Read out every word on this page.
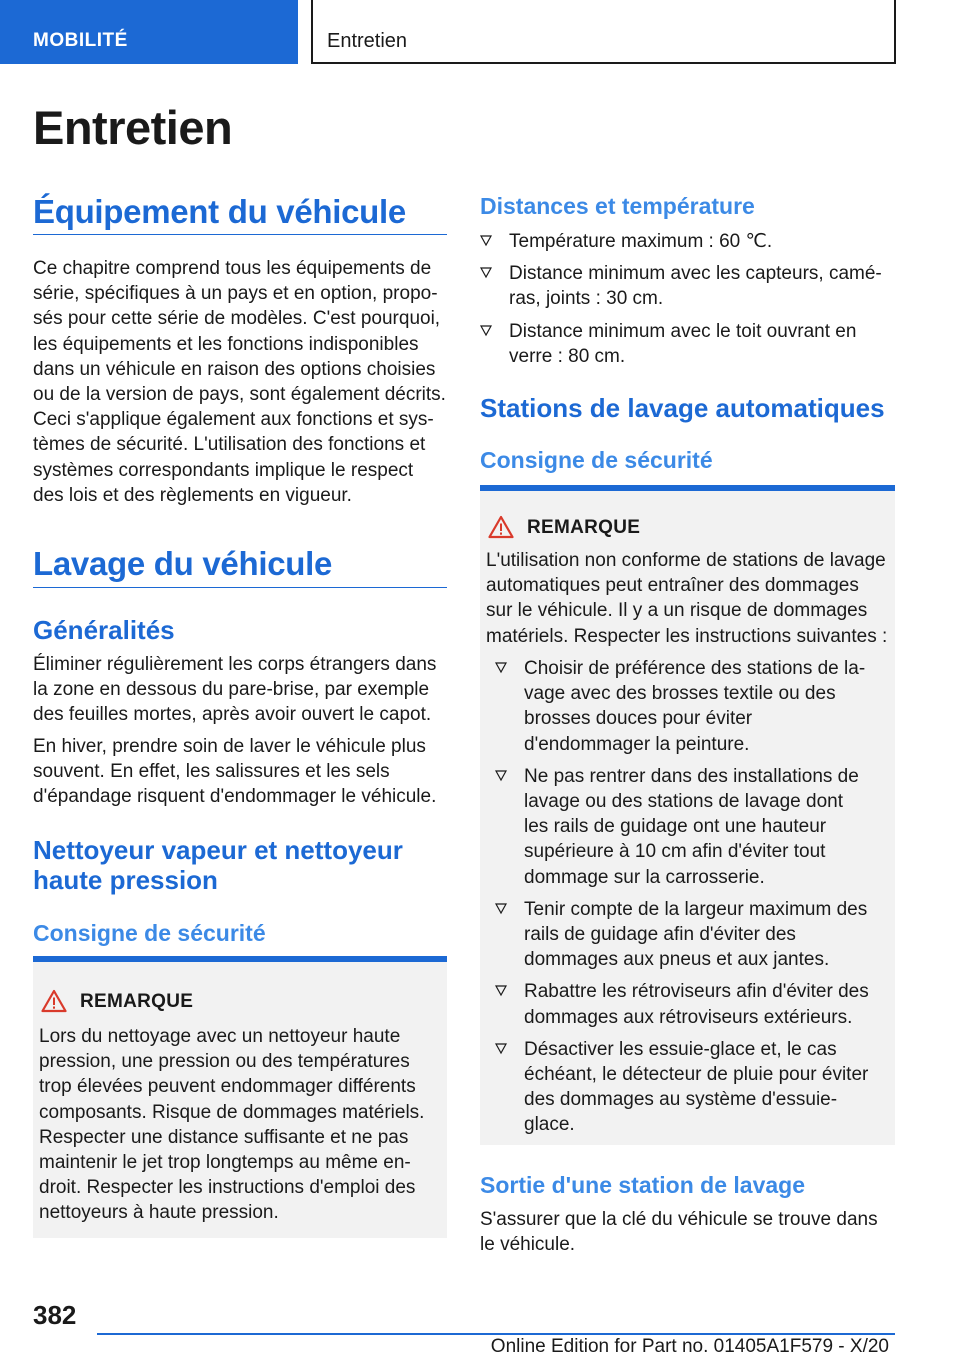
MOBILITÉ	Entretien
Entretien
Équipement du véhicule

Ce chapitre comprend tous les équipements de série, spécifiques à un pays et en option, proposés pour cette série de modèles. C'est pourquoi, les équipements et les fonctions indisponibles dans un véhicule en raison des options choisies ou de la version de pays, sont également décrits. Ceci s'applique également aux fonctions et systèmes de sécurité. L'utilisation des fonctions et systèmes correspondants implique le respect des lois et des règlements en vigueur.

Lavage du véhicule
Généralités

Éliminer régulièrement les corps étrangers dans la zone en dessous du pare-brise, par exemple des feuilles mortes, après avoir ouvert le capot.

En hiver, prendre soin de laver le véhicule plus souvent. En effet, les salissures et les sels d'épandage risquent d'endommager le véhicule.

Nettoyeur vapeur et nettoyeur haute pression
Consigne de sécurité
REMARQUE

Lors du nettoyage avec un nettoyeur haute pression, une pression ou des températures trop élevées peuvent endommager différents composants. Risque de dommages matériels. Respecter une distance suffisante et ne pas maintenir le jet trop longtemps au même endroit. Respecter les instructions d'emploi des nettoyeurs à haute pression.

Distances et température
Température maximum : 60 ℃.
Distance minimum avec les capteurs, caméras, joints : 30 cm.
Distance minimum avec le toit ouvrant en verre : 80 cm.
Stations de lavage automatiques
Consigne de sécurité
REMARQUE

L'utilisation non conforme de stations de lavage automatiques peut entraîner des dommages sur le véhicule. Il y a un risque de dommages matériels. Respecter les instructions suivantes :

Choisir de préférence des stations de lavage avec des brosses textile ou des brosses douces pour éviter d'endommager la peinture.
Ne pas rentrer dans des installations de lavage ou des stations de lavage dont les rails de guidage ont une hauteur supérieure à 10 cm afin d'éviter tout dommage sur la carrosserie.
Tenir compte de la largeur maximum des rails de guidage afin d'éviter des dommages aux pneus et aux jantes.
Rabattre les rétroviseurs afin d'éviter des dommages aux rétroviseurs extérieurs.
Désactiver les essuie-glace et, le cas échéant, le détecteur de pluie pour éviter des dommages au système d'essuie-glace.
Sortie d'une station de lavage

S'assurer que la clé du véhicule se trouve dans le véhicule.

382
Online Edition for Part no. 01405A1F579 - X/20
